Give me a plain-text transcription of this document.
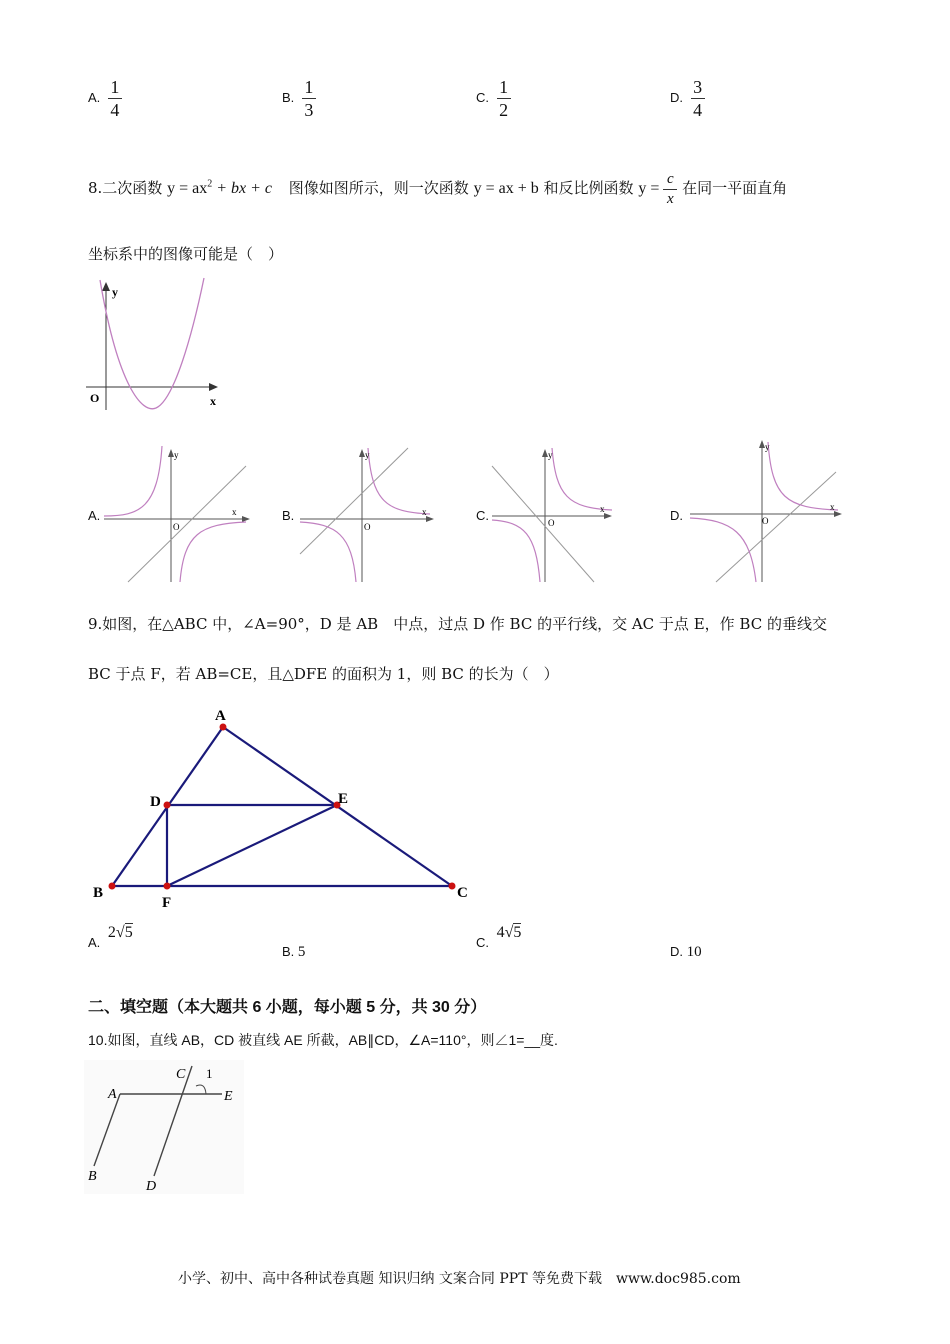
A. $\frac{1}{4}$	B. $\frac{1}{3}$	C. $\frac{1}{2}$	D. $\frac{3}{4}$
8.二次函数 $y = ax^2$ + bx + c 图像如图所示，则一次函数 y = ax + b 和反比例函数 $y = \frac{c}{x}$ 在同一平面直角
坐标系中的图像可能是（　）
y
x
O
A.
y
x
O
B.
y
x
O
C.
y
x
O	D.
y
x
O
9.如图，在△ABC 中，∠A=90°，D 是 AB　中点，过点 D 作 BC 的平行线，交 AC 于点 E，作 BC 的垂线交
BC 于点 F，若 AB=CE，且△DFE 的面积为 1，则 BC 的长为（　）
A
D	E
B
F
C
A. 2√5
B. 5
C. 4√5
D. 10
二、填空题（本大题共 6 小题，每小题 5 分，共 30 分）
10.如图，直线 AB，CD 被直线 AE 所截，AB∥CD，∠A=110°，则∠1=__度.
A
B
C
D
E
1
小学、初中、高中各种试卷真题 知识归纳 文案合同 PPT 等免费下载　www.doc985.com
